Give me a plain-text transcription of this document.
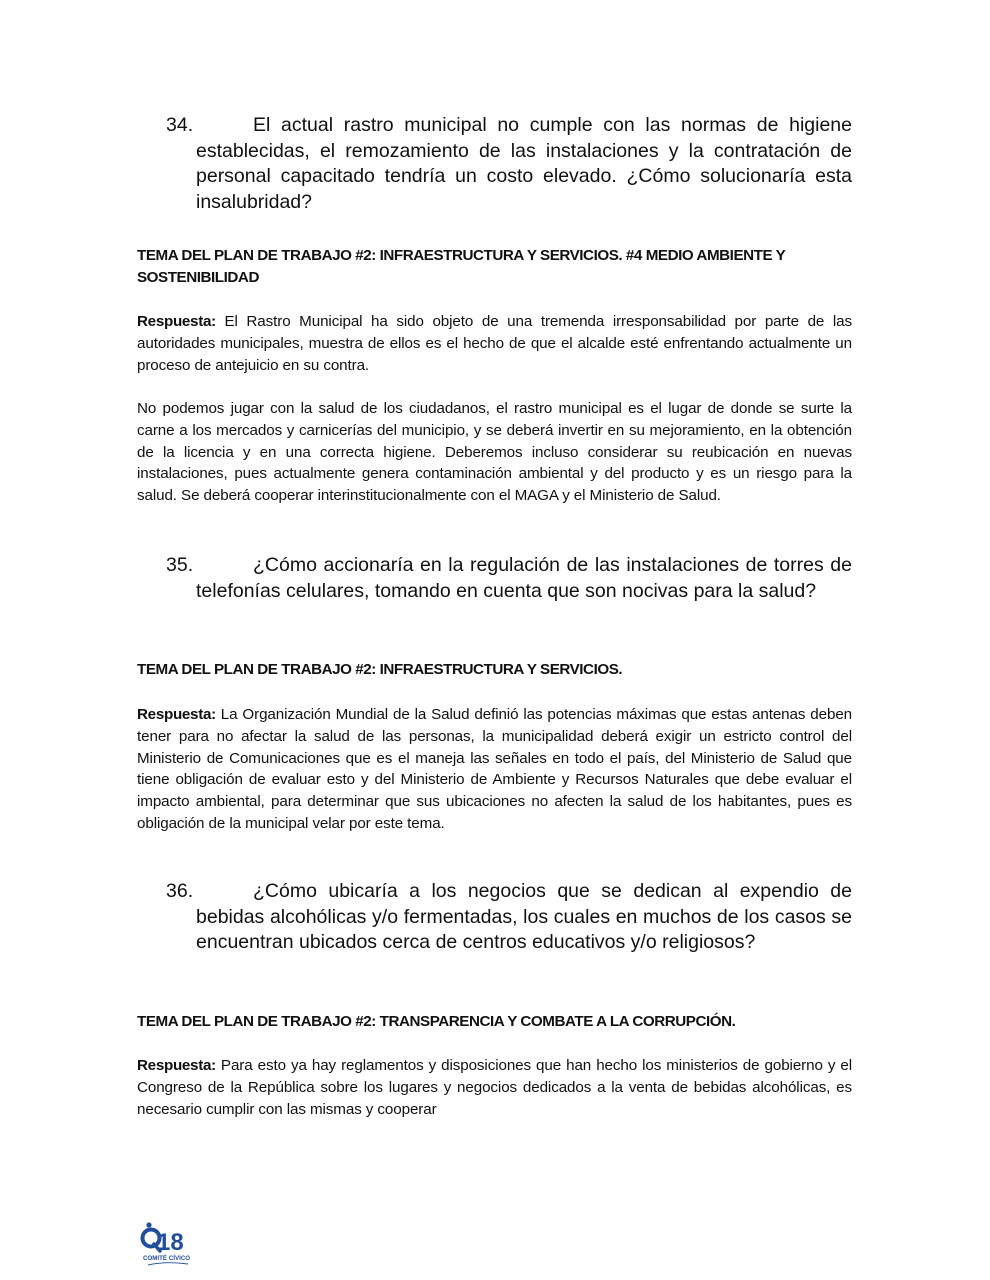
34.	El actual rastro municipal no cumple con las normas de higiene establecidas, el remozamiento de las instalaciones y la contratación de personal capacitado tendría un costo elevado. ¿Cómo solucionaría esta insalubridad?
TEMA DEL PLAN DE TRABAJO #2: INFRAESTRUCTURA Y SERVICIOS. #4 MEDIO AMBIENTE Y SOSTENIBILIDAD
Respuesta: El Rastro Municipal ha sido objeto de una tremenda irresponsabilidad por parte de las autoridades municipales, muestra de ellos es el hecho de que el alcalde esté enfrentando actualmente un proceso de antejuicio en su contra.
No podemos jugar con la salud de los ciudadanos, el rastro municipal es el lugar de donde se surte la carne a los mercados y carnicerías del municipio, y se deberá invertir en su mejoramiento, en la obtención de la licencia y en una correcta higiene. Deberemos incluso considerar su reubicación en nuevas instalaciones, pues actualmente genera contaminación ambiental y del producto y es un riesgo para la salud. Se deberá cooperar interinstitucionalmente con el MAGA y el Ministerio de Salud.
35.	¿Cómo accionaría en la regulación de las instalaciones de torres de telefonías celulares, tomando en cuenta que son nocivas para la salud?
TEMA DEL PLAN DE TRABAJO #2: INFRAESTRUCTURA Y SERVICIOS.
Respuesta: La Organización Mundial de la Salud definió las potencias máximas que estas antenas deben tener para no afectar la salud de las personas, la municipalidad deberá exigir un estricto control del Ministerio de Comunicaciones que es el maneja las señales en todo el país, del Ministerio de Salud que tiene obligación de evaluar esto y del Ministerio de Ambiente y Recursos Naturales que debe evaluar el impacto ambiental, para determinar que sus ubicaciones no afecten la salud de los habitantes, pues es obligación de la municipal velar por este tema.
36.	¿Cómo ubicaría a los negocios que se dedican al expendio de bebidas alcohólicas y/o fermentadas, los cuales en muchos de los casos se encuentran ubicados cerca de centros educativos y/o religiosos?
TEMA DEL PLAN DE TRABAJO #2: TRANSPARENCIA Y COMBATE A LA CORRUPCIÓN.
Respuesta: Para esto ya hay reglamentos y disposiciones que han hecho los ministerios de gobierno y el Congreso de la República sobre los lugares y negocios dedicados a la venta de bebidas alcohólicas, es necesario cumplir con las mismas y cooperar
18
COMITÉ CÍVICO
